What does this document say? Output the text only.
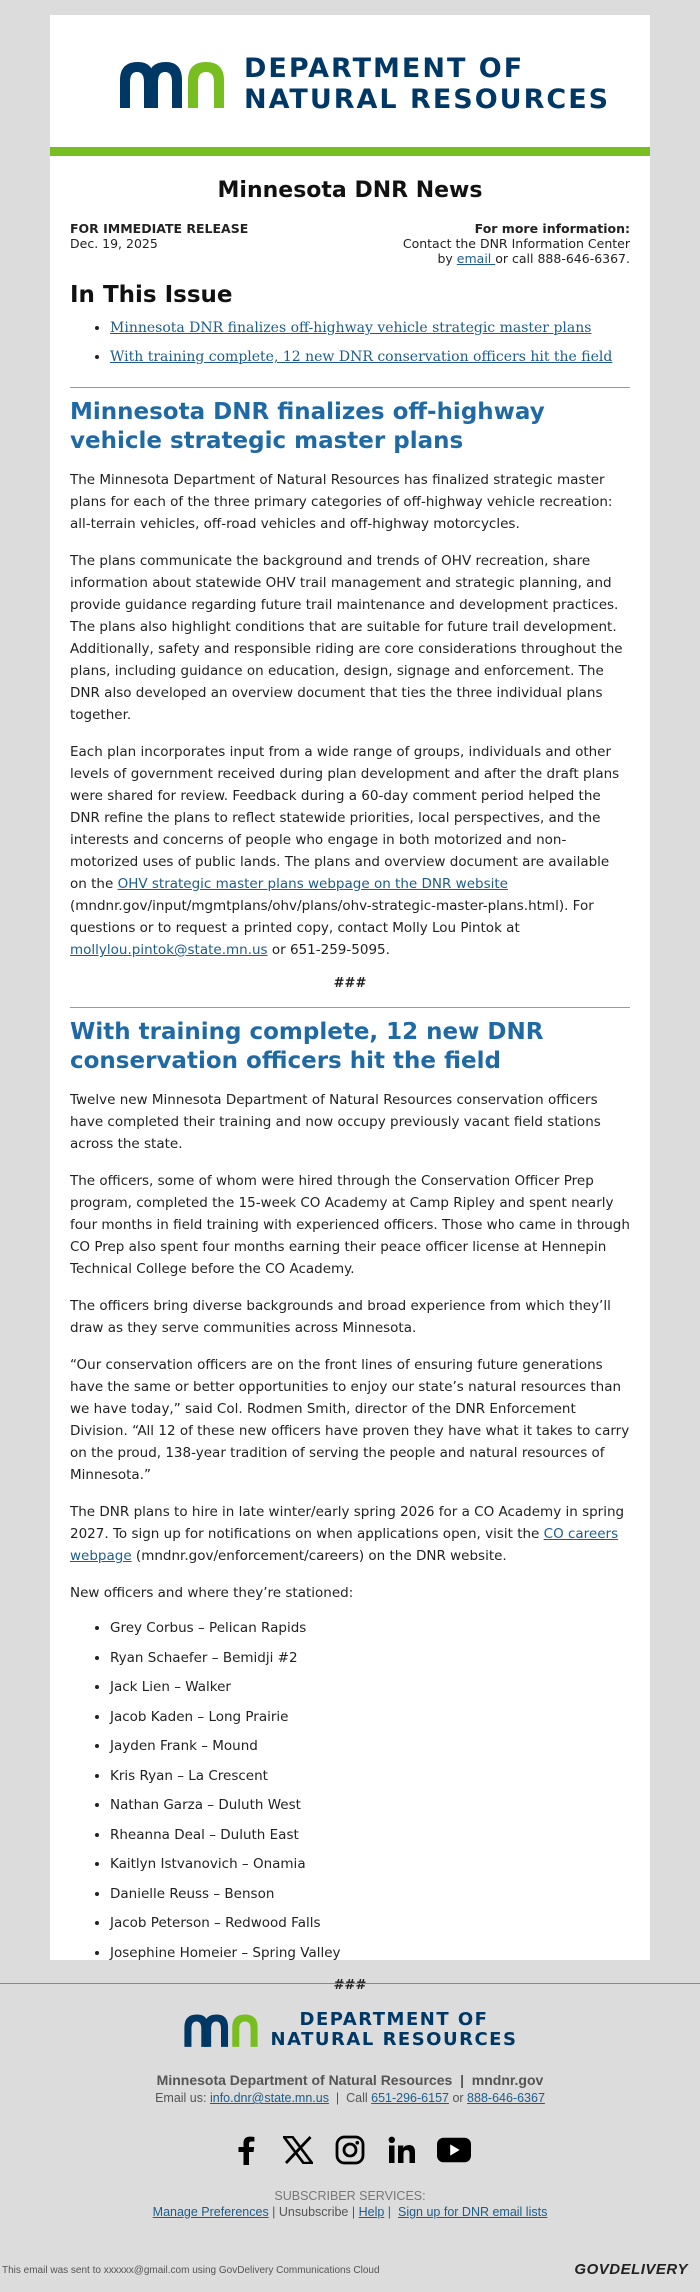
DEPARTMENT OF
NATURAL RESOURCES
Minnesota DNR News
FOR IMMEDIATE RELEASE
Dec. 19, 2025
For more information:
Contact the DNR Information Center
by email or call 888-646-6367.
In This Issue
• Minnesota DNR finalizes off-highway vehicle strategic master plans
• With training complete, 12 new DNR conservation officers hit the field
Minnesota DNR finalizes off-highway vehicle strategic master plans

The Minnesota Department of Natural Resources has finalized strategic master plans for each of the three primary categories of off-highway vehicle recreation: all-terrain vehicles, off-road vehicles and off-highway motorcycles.

The plans communicate the background and trends of OHV recreation, share information about statewide OHV trail management and strategic planning, and provide guidance regarding future trail maintenance and development practices. The plans also highlight conditions that are suitable for future trail development. Additionally, safety and responsible riding are core considerations throughout the plans, including guidance on education, design, signage and enforcement. The DNR also developed an overview document that ties the three individual plans together.

Each plan incorporates input from a wide range of groups, individuals and other levels of government received during plan development and after the draft plans were shared for review. Feedback during a 60-day comment period helped the DNR refine the plans to reflect statewide priorities, local perspectives, and the interests and concerns of people who engage in both motorized and non-motorized uses of public lands. The plans and overview document are available on the OHV strategic master plans webpage on the DNR website (mndnr.gov/input/mgmtplans/ohv/plans/ohv-strategic-master-plans.html). For questions or to request a printed copy, contact Molly Lou Pintok at mollylou.pintok@state.mn.us or 651-259-5095.

###
With training complete, 12 new DNR conservation officers hit the field

Twelve new Minnesota Department of Natural Resources conservation officers have completed their training and now occupy previously vacant field stations across the state.

The officers, some of whom were hired through the Conservation Officer Prep program, completed the 15-week CO Academy at Camp Ripley and spent nearly four months in field training with experienced officers. Those who came in through CO Prep also spent four months earning their peace officer license at Hennepin Technical College before the CO Academy.

The officers bring diverse backgrounds and broad experience from which they’ll draw as they serve communities across Minnesota.

“Our conservation officers are on the front lines of ensuring future generations have the same or better opportunities to enjoy our state’s natural resources than we have today,” said Col. Rodmen Smith, director of the DNR Enforcement Division. “All 12 of these new officers have proven they have what it takes to carry on the proud, 138-year tradition of serving the people and natural resources of Minnesota.”

The DNR plans to hire in late winter/early spring 2026 for a CO Academy in spring 2027. To sign up for notifications on when applications open, visit the CO careers webpage (mndnr.gov/enforcement/careers) on the DNR website.

New officers and where they’re stationed:

• Grey Corbus – Pelican Rapids
• Ryan Schaefer – Bemidji #2
• Jack Lien – Walker
• Jacob Kaden – Long Prairie
• Jayden Frank – Mound
• Kris Ryan – La Crescent
• Nathan Garza – Duluth West
• Rheanna Deal – Duluth East
• Kaitlyn Istvanovich – Onamia
• Danielle Reuss – Benson
• Jacob Peterson – Redwood Falls
• Josephine Homeier – Spring Valley
###
DEPARTMENT OF
NATURAL RESOURCES
Minnesota Department of Natural Resources  |  mndnr.gov
Email us: info.dnr@state.mn.us  |  Call 651-296-6157 or 888-646-6367
SUBSCRIBER SERVICES:
Manage Preferences | Unsubscribe | Help |  Sign up for DNR email lists
This email was sent to xxxxxx@gmail.com using GovDelivery Communications Cloud	GOVDELIVERY
